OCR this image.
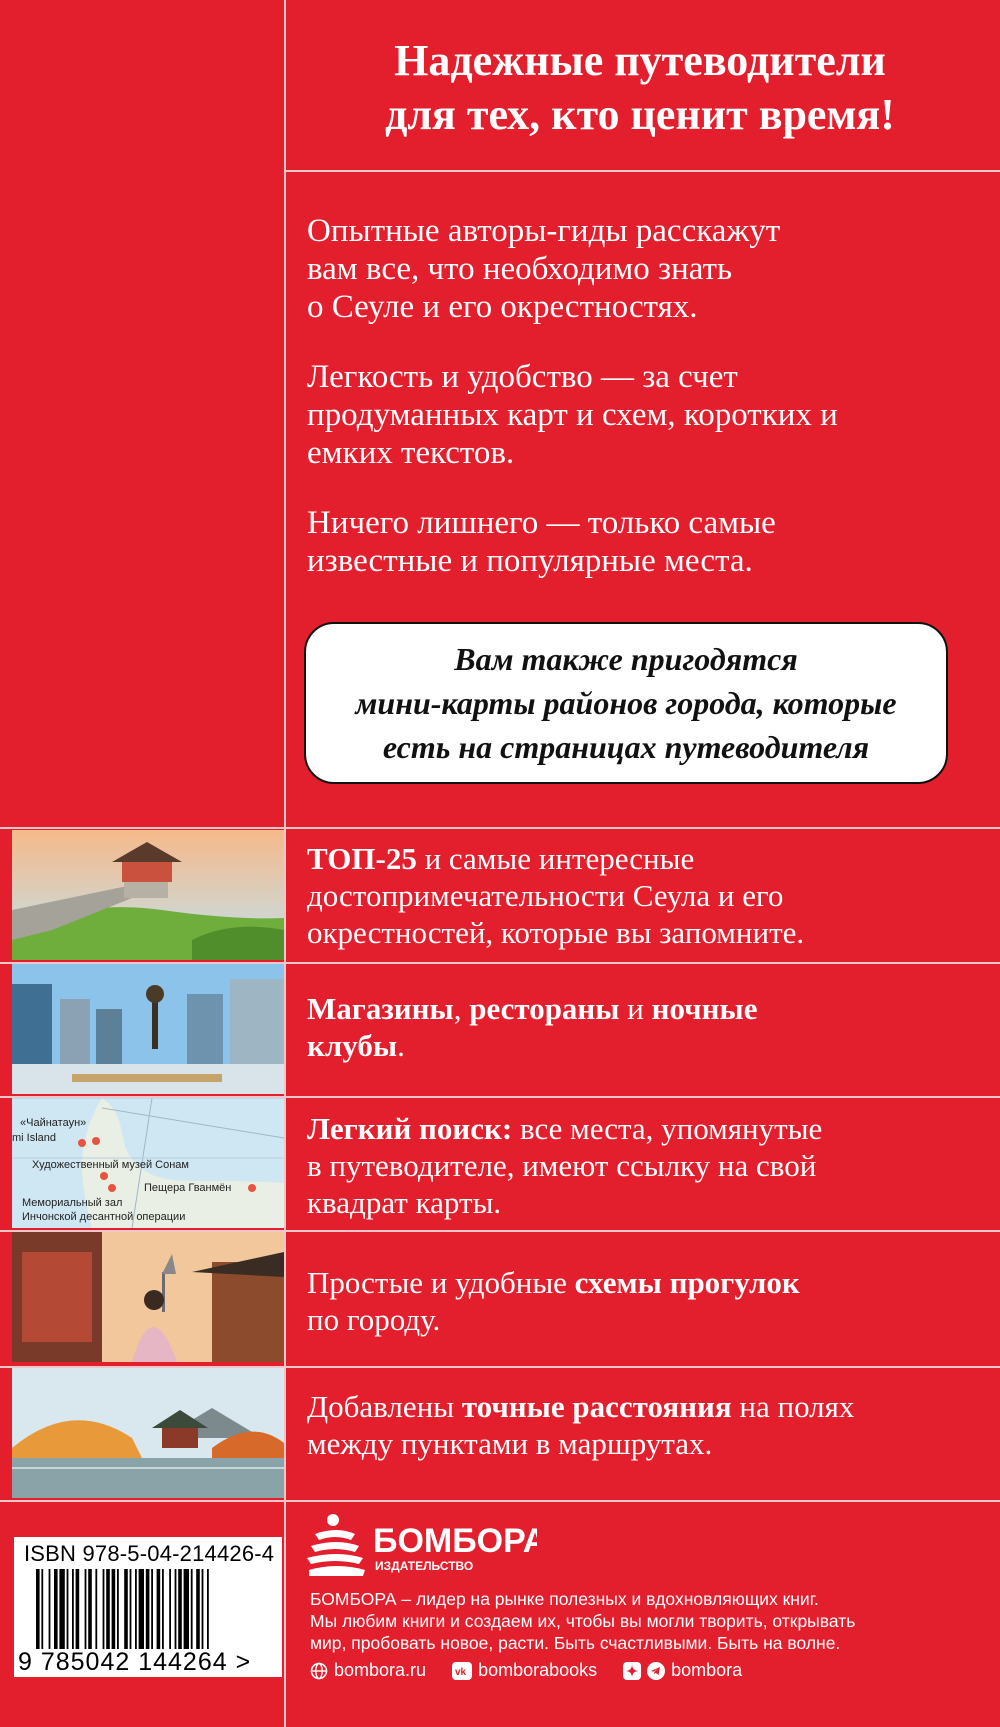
Надежные путеводители
для тех, кто ценит время!
Опытные авторы-гиды расскажут
вам все, что необходимо знать
о Сеуле и его окрестностях.
Легкость и удобство — за счет
продуманных карт и схем, коротких и
емких текстов.
Ничего лишнего — только самые
известные и популярные места.
Вам также пригодятся
мини-карты районов города, которые
есть на страницах путеводителя
«Чайнатаун»
mi Island
Художественный музей Сонам
Пещера Гванмён
Мемориальный зал
Инчонской десантной операции
ТОП-25 и самые интересные
достопримечательности Сеула и его
окрестностей, которые вы запомните.
Магазины, рестораны и ночные
клубы.
Легкий поиск: все места, упомянутые
в путеводителе, имеют ссылку на свой
квадрат карты.
Простые и удобные схемы прогулок
по городу.
Добавлены точные расстояния на полях
между пунктами в маршрутах.
ISBN 978-5-04-214426-4
9 785042 144264 >
БОМБОРА
ИЗДАТЕЛЬСТВО
БОМБОРА – лидер на рынке полезных и вдохновляющих книг.
Мы любим книги и создаем их, чтобы вы могли творить, открывать
мир, пробовать новое, расти. Быть счастливыми. Быть на волне.
bombora.ru	vk bomborabooks	bombora
